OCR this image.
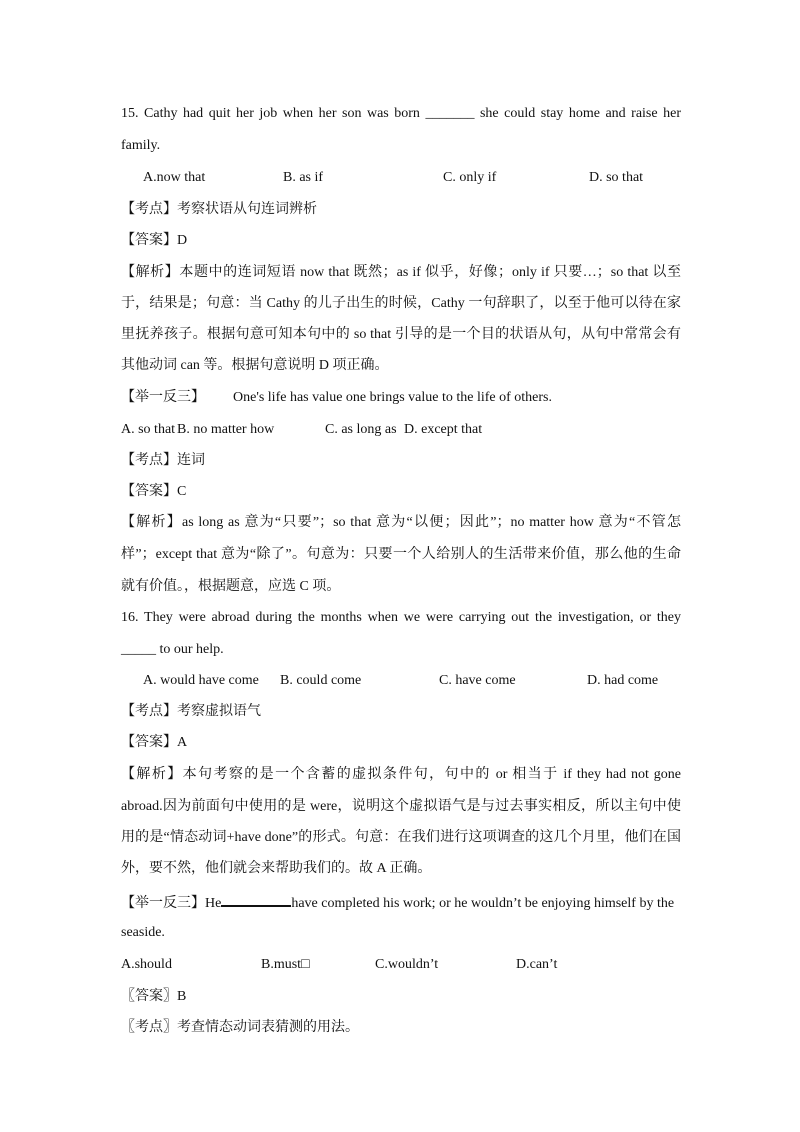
15. Cathy had quit her job when her son was born _______ she could stay home and raise her
family.
A.now that	B. as if	C. only if	D. so that
【考点】考察状语从句连词辨析
【答案】D
【解析】本题中的连词短语 now that 既然；as if 似乎，好像；only if 只要…；so that 以至
于，结果是；句意：当 Cathy 的儿子出生的时候，Cathy 一句辞职了，以至于他可以待在家
里抚养孩子。根据句意可知本句中的 so that 引导的是一个目的状语从句，从句中常常会有
其他动词 can 等。根据句意说明 D 项正确。
【举一反三】 One's life has value one brings value to the life of others.
A. so that B. no matter how	C. as long as D. except that
【考点】连词
【答案】C
【解析】as long as 意为“只要”；so that 意为“以便；因此”；no matter how 意为“不管怎
样”；except that 意为“除了”。句意为：只要一个人给别人的生活带来价值，那么他的生命
就有价值。，根据题意，应选 C 项。
16. They were abroad during the months when we were carrying out the investigation, or they
_____ to our help.
A. would have come B. could come	C. have come	D. had come
【考点】考察虚拟语气
【答案】A
【解析】本句考察的是一个含蓄的虚拟条件句，句中的 or 相当于 if they had not gone
abroad.因为前面句中使用的是 were，说明这个虚拟语气是与过去事实相反，所以主句中使
用的是“情态动词+have done”的形式。句意：在我们进行这项调查的这几个月里，他们在国
外，要不然，他们就会来帮助我们的。故 A 正确。
【举一反三】He	have completed his work; or he wouldn’t be enjoying himself by the
seaside.
A.should	B.must□	C.wouldn’t	D.can’t
〖答案〗B
〖考点〗考查情态动词表猜测的用法。
